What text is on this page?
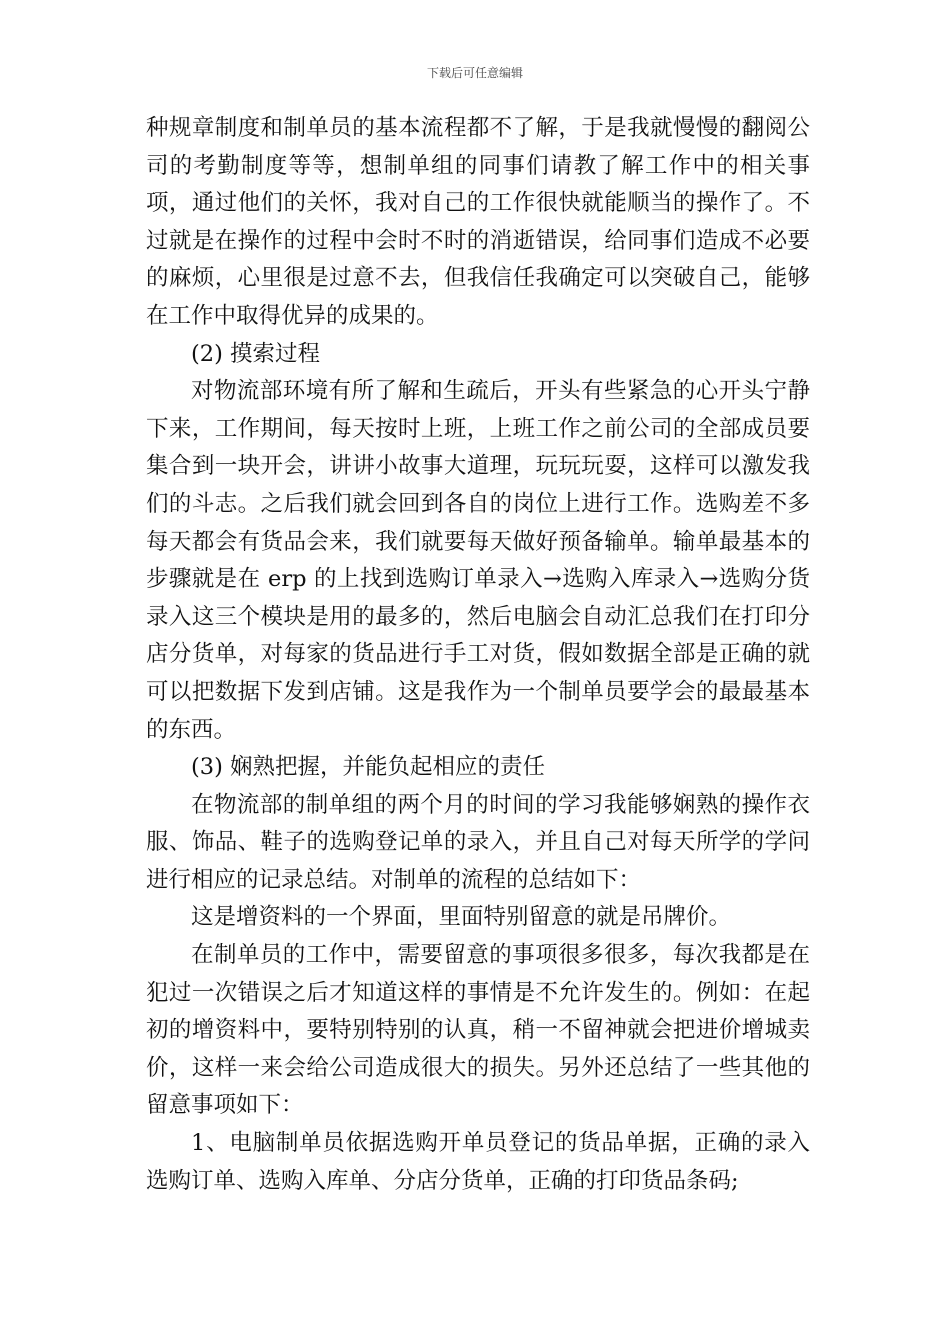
下载后可任意编辑

种规章制度和制单员的基本流程都不了解，于是我就慢慢的翻阅公司的考勤制度等等，想制单组的同事们请教了解工作中的相关事项，通过他们的关怀，我对自己的工作很快就能顺当的操作了。不过就是在操作的过程中会时不时的消逝错误，给同事们造成不必要的麻烦，心里很是过意不去，但我信任我确定可以突破自己，能够在工作中取得优异的成果的。

(2) 摸索过程

对物流部环境有所了解和生疏后，开头有些紧急的心开头宁静下来，工作期间，每天按时上班，上班工作之前公司的全部成员要集合到一块开会，讲讲小故事大道理，玩玩玩耍，这样可以激发我们的斗志。之后我们就会回到各自的岗位上进行工作。选购差不多每天都会有货品会来，我们就要每天做好预备输单。输单最基本的步骤就是在 erp 的上找到选购订单录入→选购入库录入→选购分货录入这三个模块是用的最多的，然后电脑会自动汇总我们在打印分店分货单，对每家的货品进行手工对货，假如数据全部是正确的就可以把数据下发到店铺。这是我作为一个制单员要学会的最最基本的东西。

(3) 娴熟把握，并能负起相应的责任

在物流部的制单组的两个月的时间的学习我能够娴熟的操作衣服、饰品、鞋子的选购登记单的录入，并且自己对每天所学的学问进行相应的记录总结。对制单的流程的总结如下：

这是增资料的一个界面，里面特别留意的就是吊牌价。

在制单员的工作中，需要留意的事项很多很多，每次我都是在犯过一次错误之后才知道这样的事情是不允许发生的。例如：在起初的增资料中，要特别特别的认真，稍一不留神就会把进价增城卖价，这样一来会给公司造成很大的损失。另外还总结了一些其他的留意事项如下：

1、电脑制单员依据选购开单员登记的货品单据，正确的录入选购订单、选购入库单、分店分货单，正确的打印货品条码;
